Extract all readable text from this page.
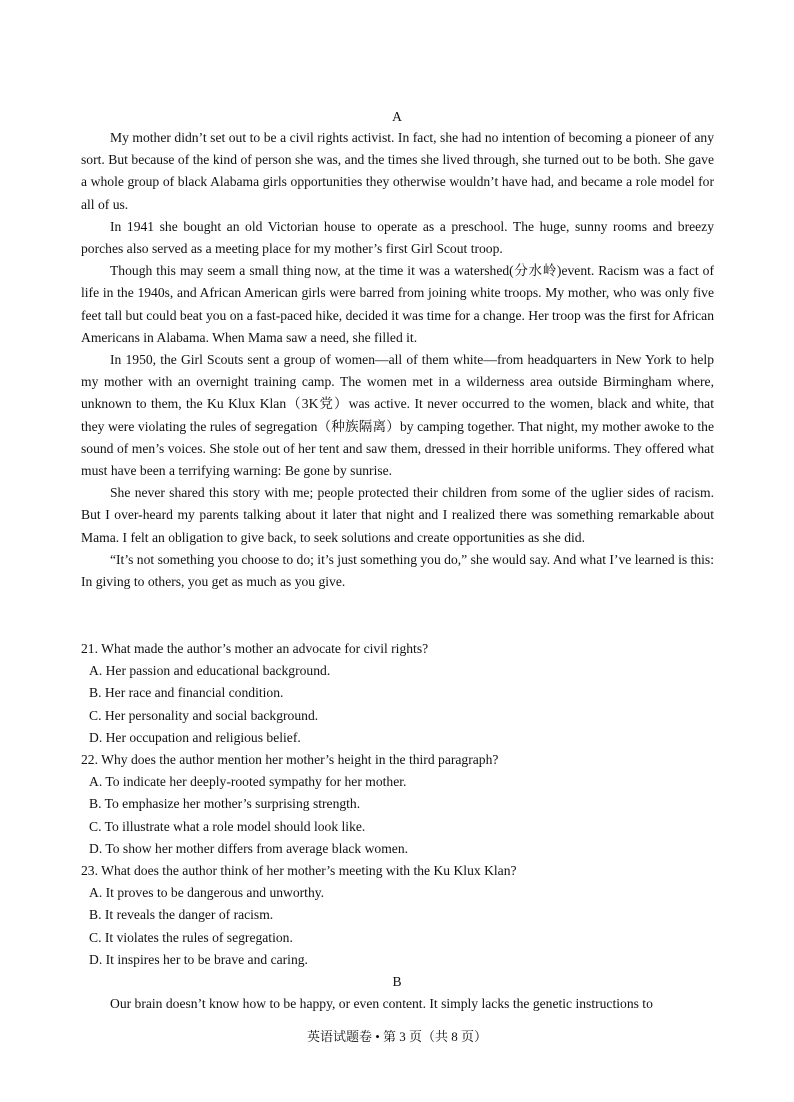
A

My mother didn’t set out to be a civil rights activist. In fact, she had no intention of becoming a pioneer of any sort. But because of the kind of person she was, and the times she lived through, she turned out to be both. She gave a whole group of black Alabama girls opportunities they otherwise wouldn’t have had, and became a role model for all of us.

In 1941 she bought an old Victorian house to operate as a preschool. The huge, sunny rooms and breezy porches also served as a meeting place for my mother’s first Girl Scout troop.

Though this may seem a small thing now, at the time it was a watershed(分水岭)event. Racism was a fact of life in the 1940s, and African American girls were barred from joining white troops. My mother, who was only five feet tall but could beat you on a fast-paced hike, decided it was time for a change. Her troop was the first for African Americans in Alabama. When Mama saw a need, she filled it.

In 1950, the Girl Scouts sent a group of women—all of them white—from headquarters in New York to help my mother with an overnight training camp. The women met in a wilderness area outside Birmingham where, unknown to them, the Ku Klux Klan（3K党）was active. It never occurred to the women, black and white, that they were violating the rules of segregation（种族隔离）by camping together. That night, my mother awoke to the sound of men’s voices. She stole out of her tent and saw them, dressed in their horrible uniforms. They offered what must have been a terrifying warning: Be gone by sunrise.

She never shared this story with me; people protected their children from some of the uglier sides of racism. But I over-heard my parents talking about it later that night and I realized there was something remarkable about Mama. I felt an obligation to give back, to seek solutions and create opportunities as she did.

“It’s not something you choose to do; it’s just something you do,” she would say. And what I’ve learned is this: In giving to others, you get as much as you give.

21. What made the author’s mother an advocate for civil rights?

A. Her passion and educational background.

B. Her race and financial condition.

C. Her personality and social background.

D. Her occupation and religious belief.

22. Why does the author mention her mother’s height in the third paragraph?

A. To indicate her deeply-rooted sympathy for her mother.

B. To emphasize her mother’s surprising strength.

C. To illustrate what a role model should look like.

D. To show her mother differs from average black women.

23. What does the author think of her mother’s meeting with the Ku Klux Klan?

A. It proves to be dangerous and unworthy.

B. It reveals the danger of racism.

C. It violates the rules of segregation.

D. It inspires her to be brave and caring.

B

Our brain doesn’t know how to be happy, or even content. It simply lacks the genetic instructions to

英语试题卷 • 第 3 页（共 8 页）
